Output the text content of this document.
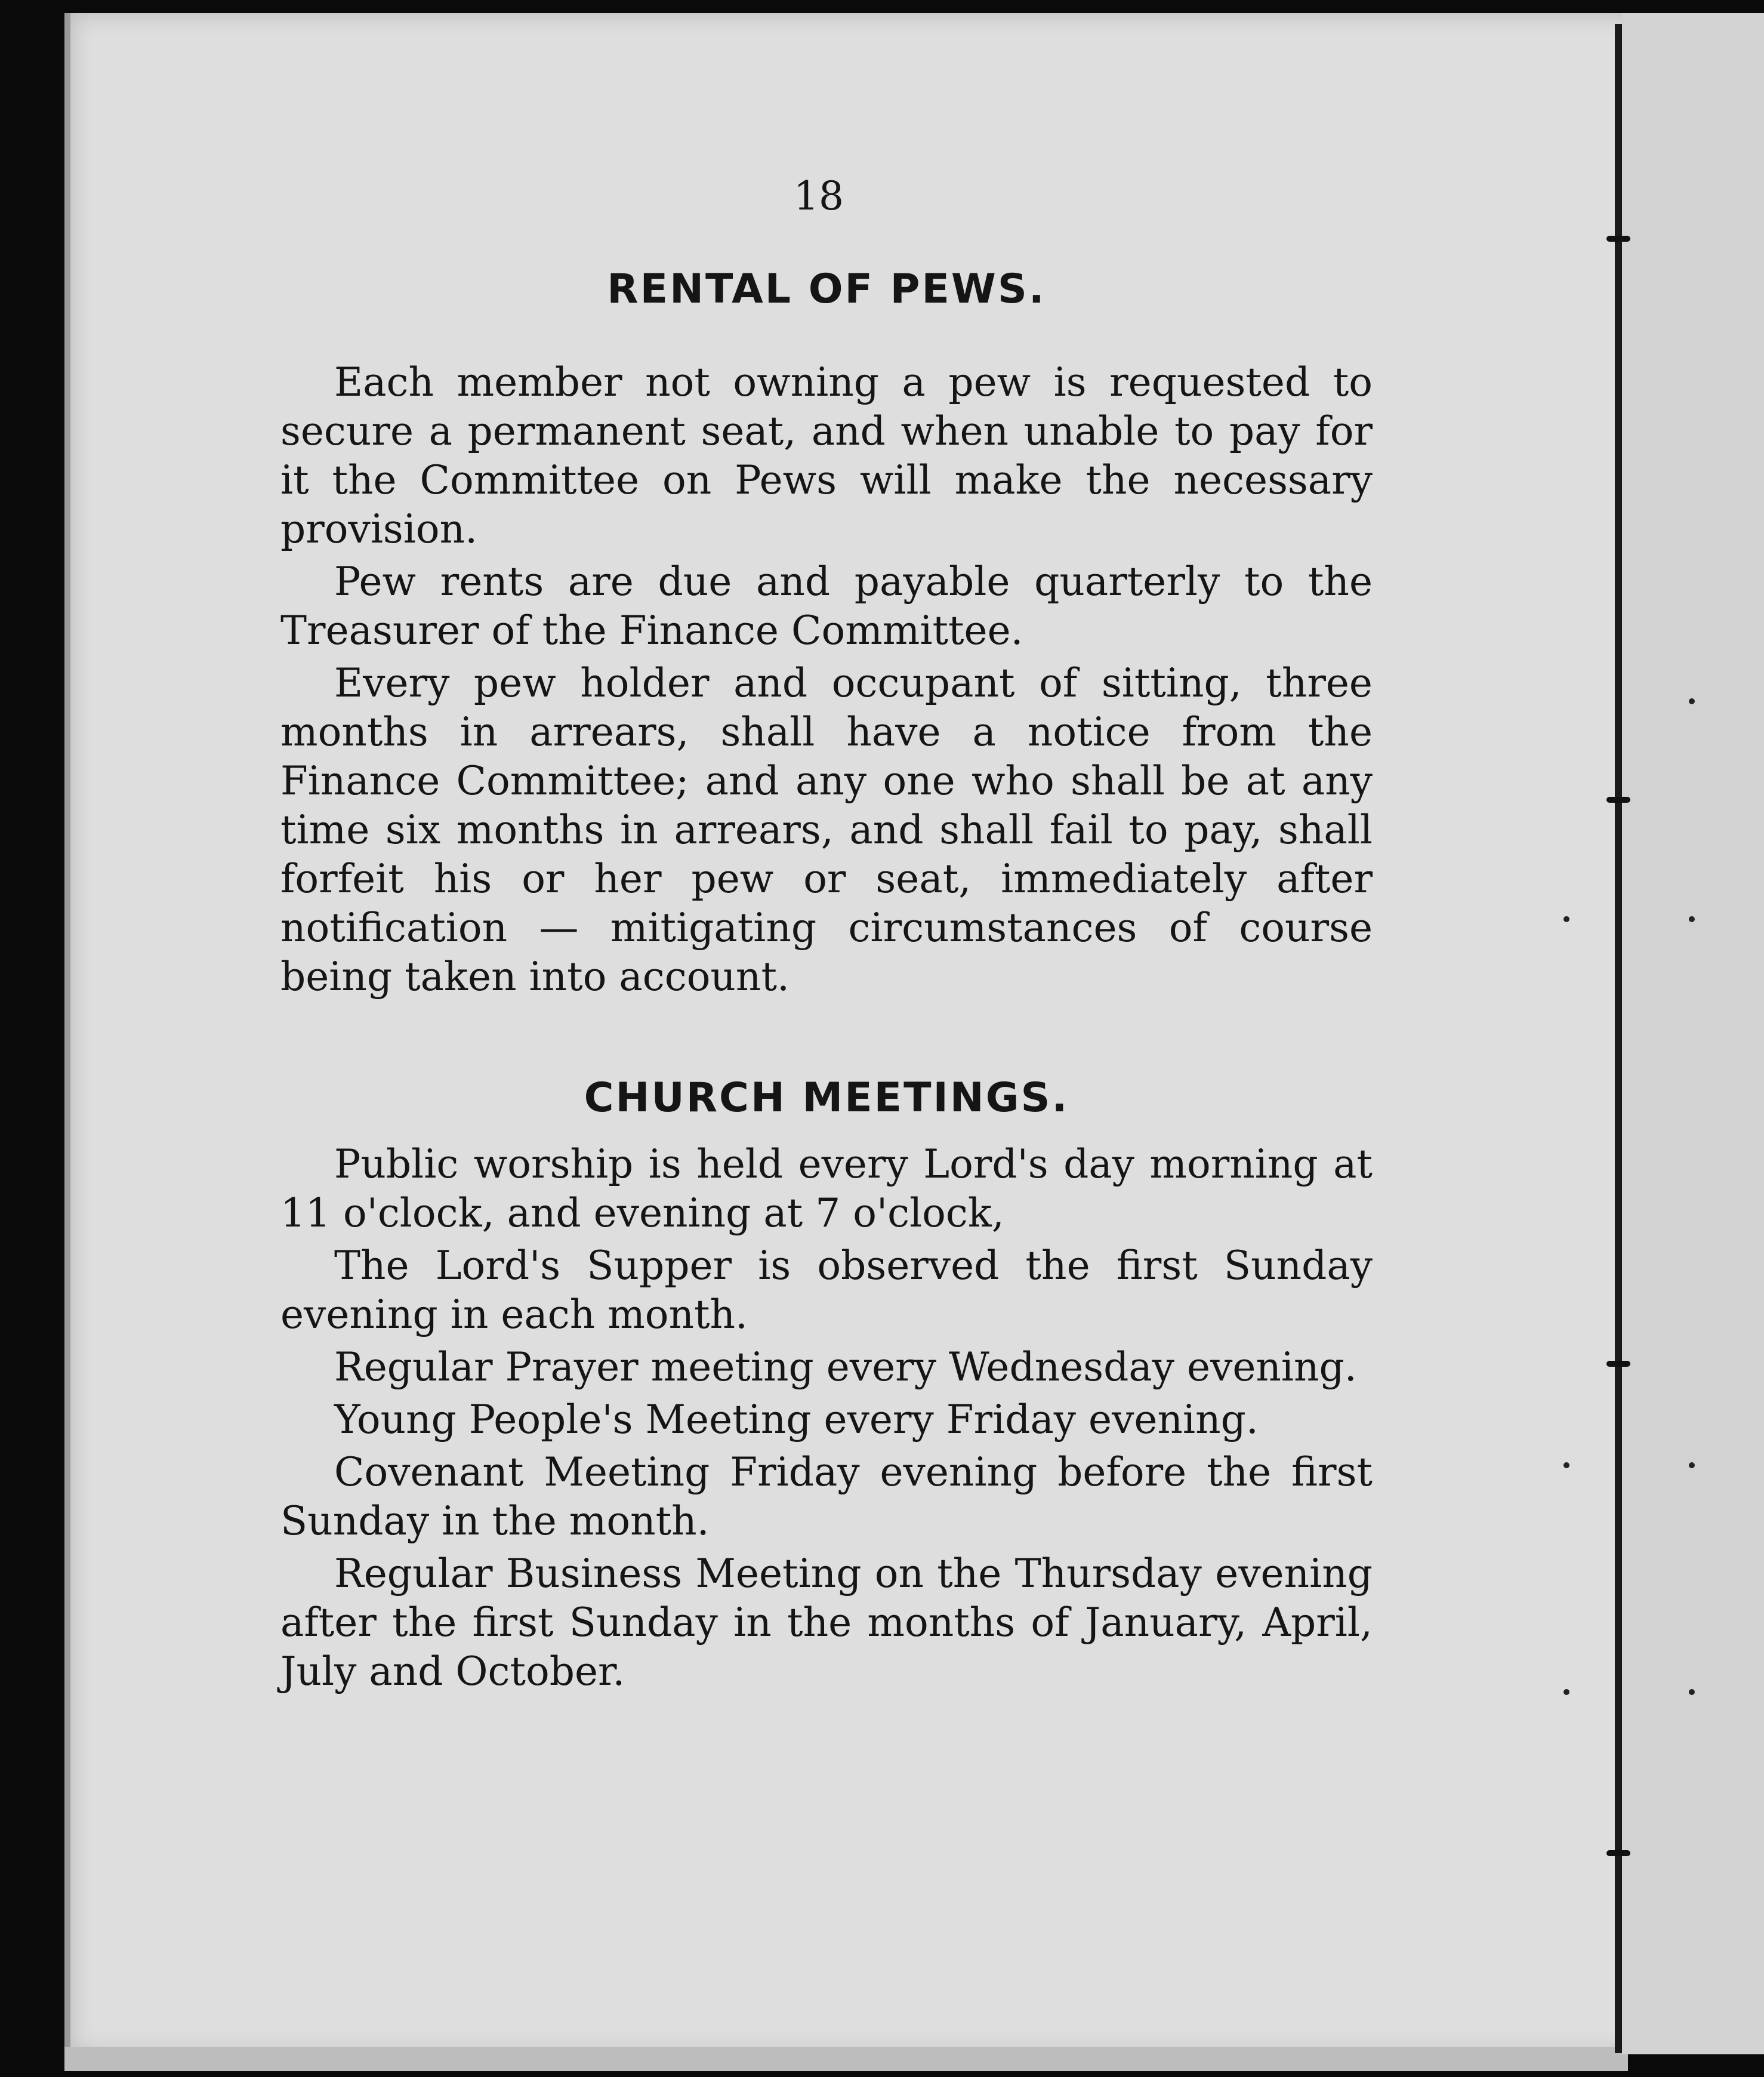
18
RENTAL OF PEWS.

Each member not owning a pew is requested to secure a permanent seat, and when unable to pay for it the Committee on Pews will make the necessary provision.

Pew rents are due and payable quarterly to the Treasurer of the Finance Committee.

Every pew holder and occupant of sitting, three months in arrears, shall have a notice from the Finance Committee; and any one who shall be at any time six months in arrears, and shall fail to pay, shall forfeit his or her pew or seat, immediately after notification — mitigating circumstances of course being taken into account.

CHURCH MEETINGS.

Public worship is held every Lord's day morning at 11 o'clock, and evening at 7 o'clock,

The Lord's Supper is observed the first Sunday evening in each month.

Regular Prayer meeting every Wednesday evening.

Young People's Meeting every Friday evening.

Covenant Meeting Friday evening before the first Sunday in the month.

Regular Business Meeting on the Thursday evening after the first Sunday in the months of January, April, July and October.
